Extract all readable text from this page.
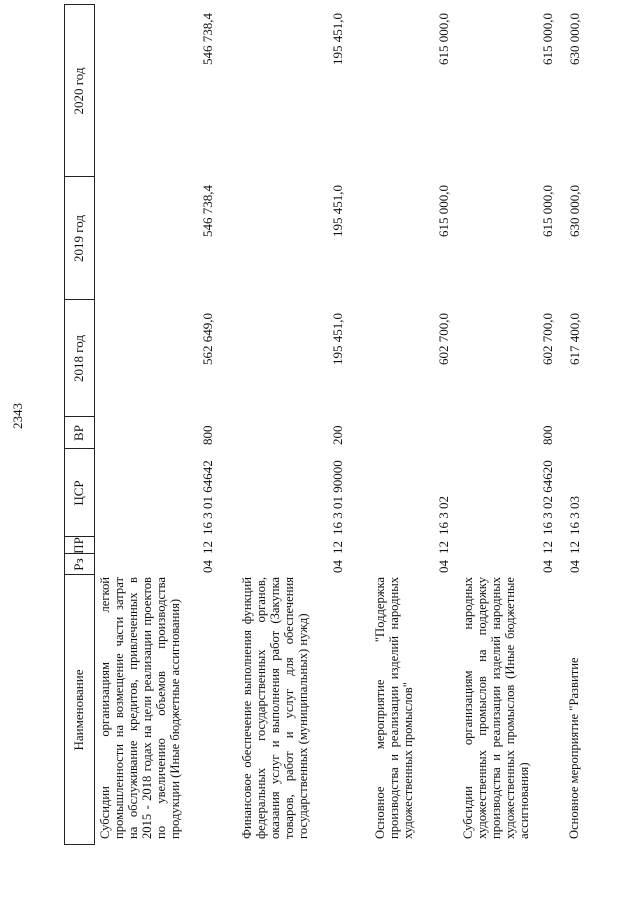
2343
Наименование
Рз
ПР
ЦСР
ВР
2018 год
2019 год
2020 год
Субсидии организациям легкой промышленности на возмещение части затрат на обслуживание кредитов, привлеченных в 2015 - 2018 годах на цели реализации проектов по увеличению объемов производства продукции (Иные бюджетные ассигнования)
04
12
16 3 01 64642
800
562 649,0
546 738,4
546 738,4
Финансовое обеспечение выполнения функций федеральных государственных органов, оказания услуг и выполнения работ (Закупка товаров, работ и услуг для обеспечения государственных (муниципальных) нужд)
04
12
16 3 01 90000
200
195 451,0
195 451,0
195 451,0
Основное мероприятие "Поддержка производства и реализации изделий народных художественных промыслов"
04
12
16 3 02
602 700,0
615 000,0
615 000,0
Субсидии организациям народных художественных промыслов на поддержку производства и реализации изделий народных художественных промыслов (Иные бюджетные ассигнования)
04
12
16 3 02 64620
800
602 700,0
615 000,0
615 000,0
Основное мероприятие "Развитие
04
12
16 3 03
617 400,0
630 000,0
630 000,0
